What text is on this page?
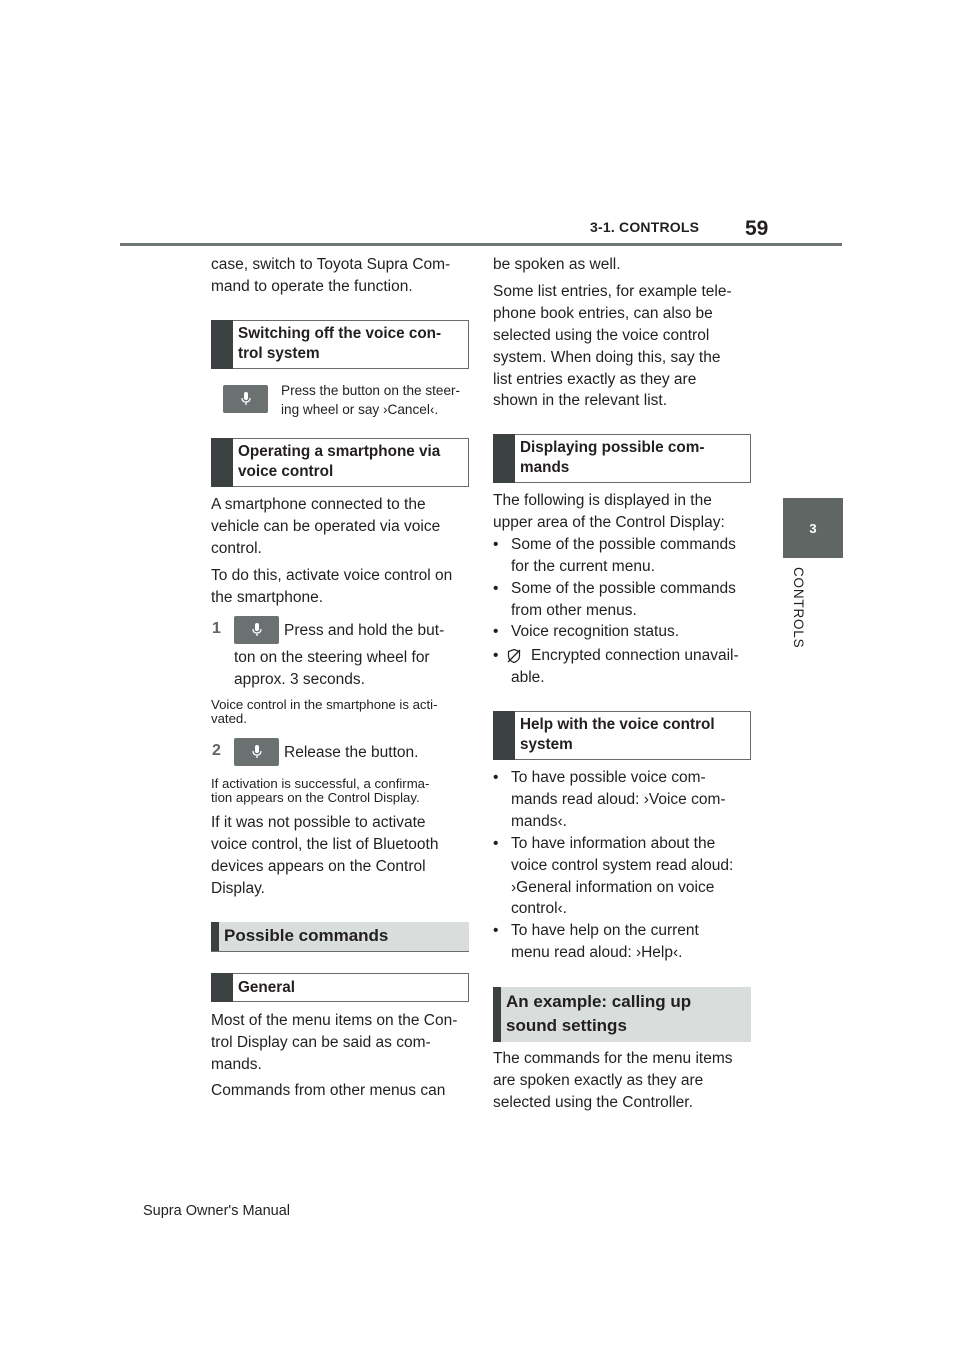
3-1. CONTROLS 59
3
CONTROLS

case, switch to Toyota Supra Com-

mand to operate the function.

Switching off the voice con-
trol system

Press the button on the steer-

ing wheel or say ›Cancel‹.

Operating a smartphone via
voice control

A smartphone connected to the

vehicle can be operated via voice

control.

To do this, activate voice control on

the smartphone.

1	Press and hold the but-

ton on the steering wheel for

approx. 3 seconds.

Voice control in the smartphone is acti-

vated.

2	Release the button.

If activation is successful, a confirma-

tion appears on the Control Display.

If it was not possible to activate

voice control, the list of Bluetooth

devices appears on the Control

Display.

Possible commands
General

Most of the menu items on the Con-

trol Display can be said as com-

mands.

Commands from other menus can

be spoken as well.

Some list entries, for example tele-

phone book entries, can also be

selected using the voice control

system. When doing this, say the

list entries exactly as they are

shown in the relevant list.

Displaying possible com-
mands

The following is displayed in the

upper area of the Control Display:

• Some of the possible commands

for the current menu.

• Some of the possible commands

from other menus.

• Voice recognition status.

• Encrypted connection unavail-

able.

Help with the voice control
system
• To have possible voice com-

mands read aloud: ›Voice com-

mands‹.

• To have information about the

voice control system read aloud:

›General information on voice

control‹.

• To have help on the current

menu read aloud: ›Help‹.

An example: calling up
sound settings

The commands for the menu items

are spoken exactly as they are

selected using the Controller.

Supra Owner's Manual
